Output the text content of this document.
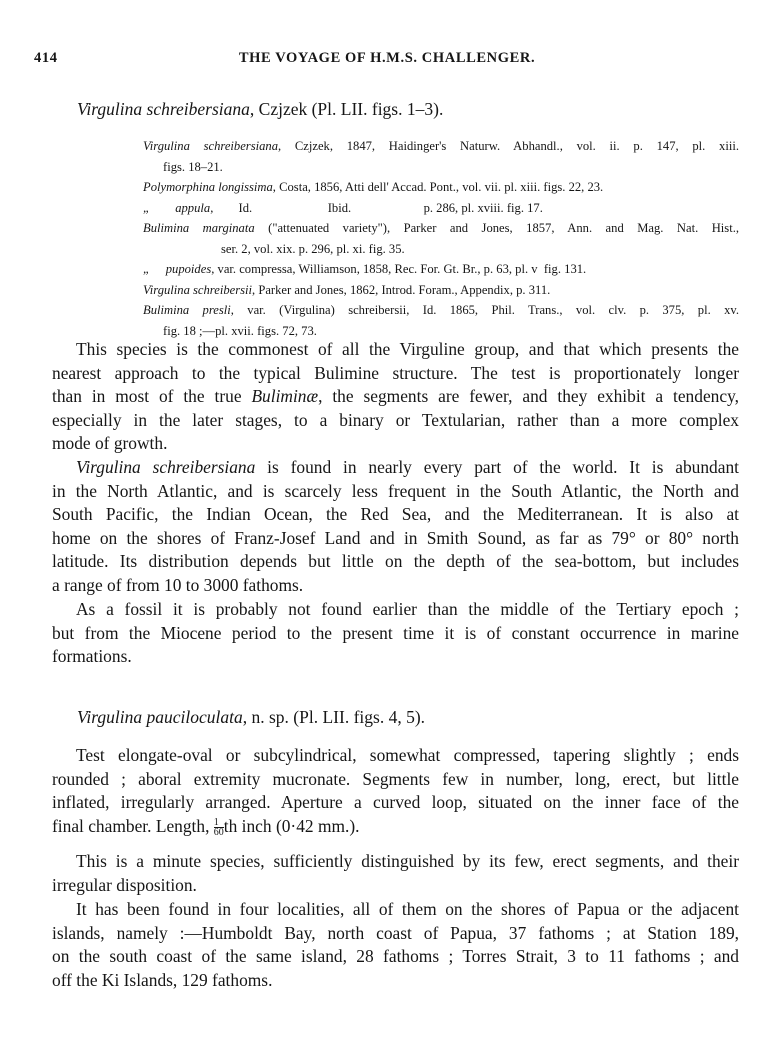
414	THE VOYAGE OF H.M.S. CHALLENGER.
Virgulina schreibersiana, Czjzek (Pl. LII. figs. 1–3).
Virgulina schreibersiana, Czjzek, 1847, Haidinger's Naturw. Abhandl., vol. ii. p. 147, pl. xiii.
figs. 18–21.
Polymorphina longissima, Costa, 1856, Atti dell' Accad. Pont., vol. vii. pl. xiii. figs. 22, 23.
„        appula,        Id.                        Ibid.                       p. 286, pl. xviii. fig. 17.
Bulimina marginata ("attenuated variety"), Parker and Jones, 1857, Ann. and Mag. Nat. Hist.,
ser. 2, vol. xix. p. 296, pl. xi. fig. 35.
„     pupoides, var. compressa, Williamson, 1858, Rec. For. Gt. Br., p. 63, pl. v  fig. 131.
Virgulina schreibersii, Parker and Jones, 1862, Introd. Foram., Appendix, p. 311.
Bulimina presli, var. (Virgulina) schreibersii, Id. 1865, Phil. Trans., vol. clv. p. 375, pl. xv.
fig. 18 ;—pl. xvii. figs. 72, 73.
This species is the commonest of all the Virguline group, and that which presents the
nearest approach to the typical Bulimine structure. The test is proportionately longer
than in most of the true Buliminæ, the segments are fewer, and they exhibit a tendency,
especially in the later stages, to a binary or Textularian, rather than a more complex
mode of growth.
Virgulina schreibersiana is found in nearly every part of the world. It is abundant
in the North Atlantic, and is scarcely less frequent in the South Atlantic, the North and
South Pacific, the Indian Ocean, the Red Sea, and the Mediterranean. It is also at
home on the shores of Franz-Josef Land and in Smith Sound, as far as 79° or 80° north
latitude. Its distribution depends but little on the depth of the sea-bottom, but includes
a range of from 10 to 3000 fathoms.
As a fossil it is probably not found earlier than the middle of the Tertiary epoch ;
but from the Miocene period to the present time it is of constant occurrence in marine
formations.
Virgulina pauciloculata, n. sp. (Pl. LII. figs. 4, 5).
Test elongate-oval or subcylindrical, somewhat compressed, tapering slightly ; ends
rounded ; aboral extremity mucronate. Segments few in number, long, erect, but little
inflated, irregularly arranged. Aperture a curved loop, situated on the inner face of the
final chamber. Length, $\frac{1}{60}$ th inch (0·42 mm.).
This is a minute species, sufficiently distinguished by its few, erect segments, and their
irregular disposition.
It has been found in four localities, all of them on the shores of Papua or the adjacent
islands, namely :—Humboldt Bay, north coast of Papua, 37 fathoms ; at Station 189,
on the south coast of the same island, 28 fathoms ; Torres Strait, 3 to 11 fathoms ; and
off the Ki Islands, 129 fathoms.
